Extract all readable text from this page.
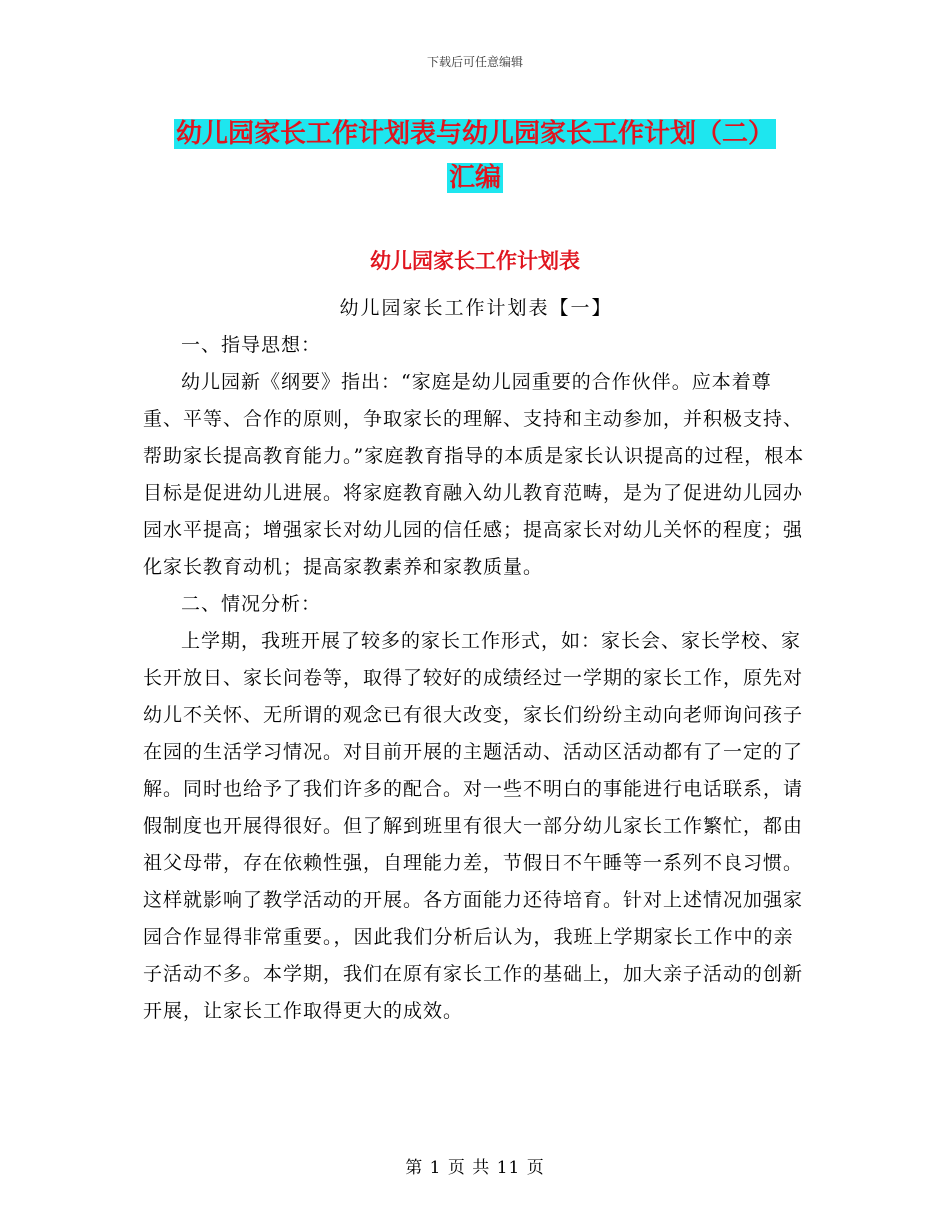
下载后可任意编辑
幼儿园家长工作计划表与幼儿园家长工作计划（二）
汇编
幼儿园家长工作计划表

幼儿园家长工作计划表【一】

一、指导思想：

幼儿园新《纲要》指出：“家庭是幼儿园重要的合作伙伴。应本着尊重、平等、合作的原则，争取家长的理解、支持和主动参加，并积极支持、帮助家长提高教育能力。”家庭教育指导的本质是家长认识提高的过程，根本目标是促进幼儿进展。将家庭教育融入幼儿教育范畴，是为了促进幼儿园办园水平提高；增强家长对幼儿园的信任感；提高家长对幼儿关怀的程度；强化家长教育动机；提高家教素养和家教质量。

二、情况分析：

上学期，我班开展了较多的家长工作形式，如：家长会、家长学校、家长开放日、家长问卷等，取得了较好的成绩经过一学期的家长工作，原先对幼儿不关怀、无所谓的观念已有很大改变，家长们纷纷主动向老师询问孩子在园的生活学习情况。对目前开展的主题活动、活动区活动都有了一定的了解。同时也给予了我们许多的配合。对一些不明白的事能进行电话联系，请假制度也开展得很好。但了解到班里有很大一部分幼儿家长工作繁忙，都由祖父母带，存在依赖性强，自理能力差，节假日不午睡等一系列不良习惯。这样就影响了教学活动的开展。各方面能力还待培育。针对上述情况加强家园合作显得非常重要。，因此我们分析后认为，我班上学期家长工作中的亲子活动不多。本学期，我们在原有家长工作的基础上，加大亲子活动的创新开展，让家长工作取得更大的成效。

第 1 页 共 11 页
